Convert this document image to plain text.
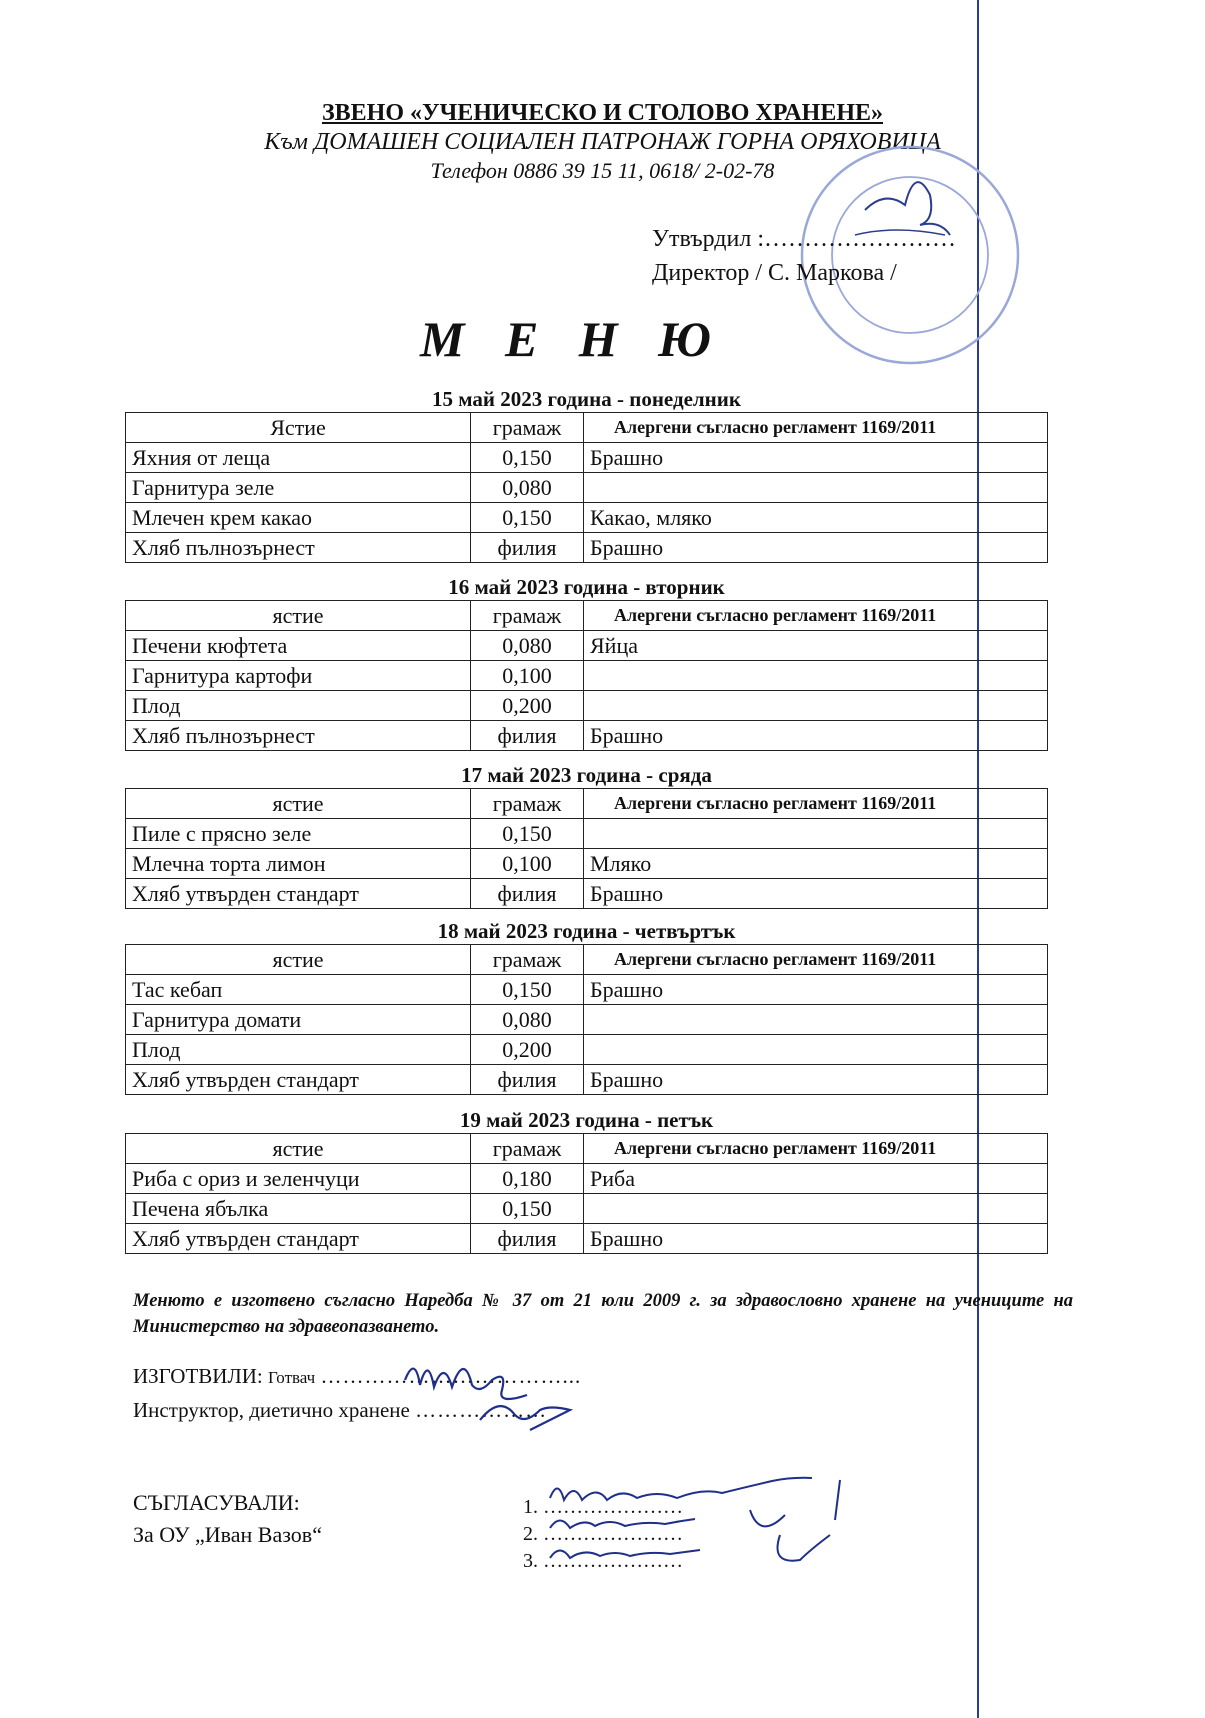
ЗВЕНО «УЧЕНИЧЕСКО И СТОЛОВО ХРАНЕНЕ»
Към ДОМАШЕН СОЦИАЛЕН ПАТРОНАЖ ГОРНА ОРЯХОВИЦА
Телефон 0886 39 15 11, 0618/ 2-02-78
Утвърдил :……………………
Директор / С. Маркова /
М Е Н Ю
15 май 2023 година - понеделник
Ястие	грамаж	Алергени съгласно регламент 1169/2011
Яхния от леща	0,150	Брашно
Гарнитура зеле	0,080	
Млечен крем какао	0,150	Какао, мляко
Хляб пълнозърнест	филия	Брашно
16 май 2023 година - вторник
ястие	грамаж	Алергени съгласно регламент 1169/2011
Печени кюфтета	0,080	Яйца
Гарнитура картофи	0,100	
Плод	0,200	
Хляб пълнозърнест	филия	Брашно
17 май 2023 година - сряда
ястие	грамаж	Алергени съгласно регламент 1169/2011
Пиле с прясно зеле	0,150	
Млечна торта лимон	0,100	Мляко
Хляб утвърден стандарт	филия	Брашно
18 май 2023 година - четвъртък
ястие	грамаж	Алергени съгласно регламент 1169/2011
Тас кебап	0,150	Брашно
Гарнитура домати	0,080	
Плод	0,200	
Хляб утвърден стандарт	филия	Брашно
19 май 2023 година - петък
ястие	грамаж	Алергени съгласно регламент 1169/2011
Риба с ориз и зеленчуци	0,180	Риба
Печена ябълка	0,150	
Хляб утвърден стандарт	филия	Брашно
Менюто е изготвено съгласно Наредба № 37 от 21 юли 2009 г. за здравословно хранене на учениците на Министерство на здравеопазването.
ИЗГОТВИЛИ: Готвач ……………………………...
Инструктор, диетично хранене ………………
СЪГЛАСУВАЛИ:
За ОУ „Иван Вазов“
1. …………………
2. …………………
3. …………………
